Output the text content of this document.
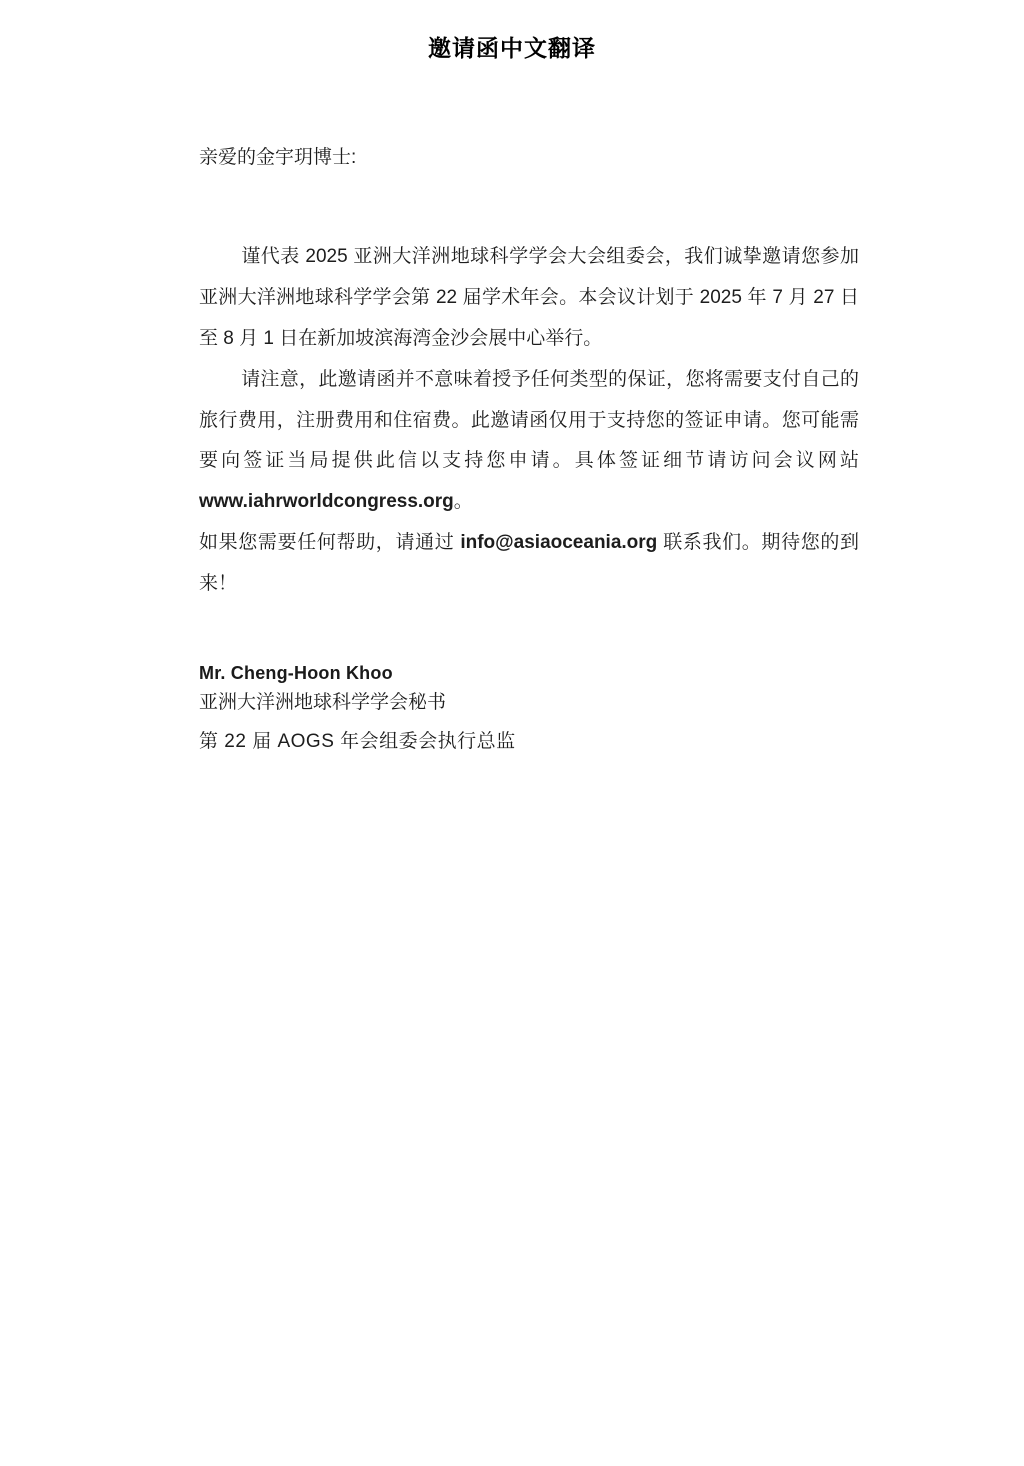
邀请函中文翻译
亲爱的金宇玥博士:

谨代表 2025 亚洲大洋洲地球科学学会大会组委会，我们诚挚邀请您参加亚洲大洋洲地球科学学会第 22 届学术年会。本会议计划于 2025 年 7 月 27 日至 8 月 1 日在新加坡滨海湾金沙会展中心举行。

请注意，此邀请函并不意味着授予任何类型的保证，您将需要支付自己的旅行费用，注册费用和住宿费。此邀请函仅用于支持您的签证申请。您可能需要向签证当局提供此信以支持您申请。具体签证细节请访问会议网站 www.iahrworldcongress.org。

如果您需要任何帮助，请通过 info@asiaoceania.org 联系我们。期待您的到来！

Mr. Cheng-Hoon Khoo
亚洲大洋洲地球科学学会秘书
第 22 届 AOGS 年会组委会执行总监
